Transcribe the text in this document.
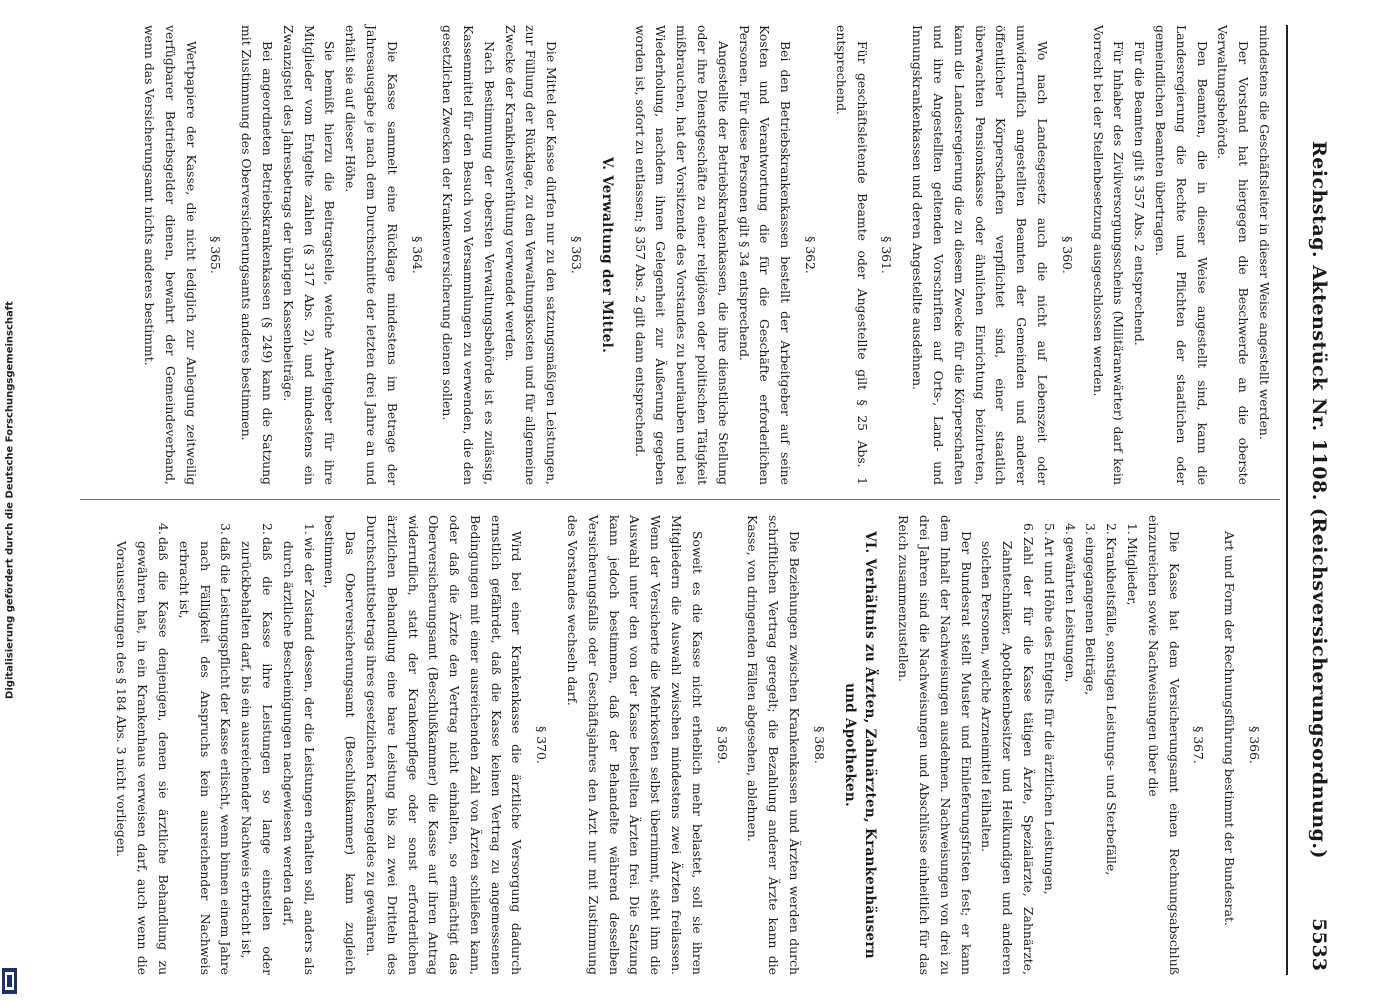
Reichstag. Aktenstück Nr. 1108. (Reichsversicherungsordnung.)
5533

mindestens die Geschäftsleiter in dieser Weise angestellt werden.

Der Vorstand hat hiergegen die Beschwerde an die oberste Verwaltungsbehörde.

Den Beamten, die in dieser Weise angestellt sind, kann die Landesregierung die Rechte und Pflichten der staatlichen oder gemeindlichen Beamten übertragen.

Für die Beamten gilt § 357 Abs. 2 entsprechend.

Für Inhaber des Zivilversorgungsscheins (Militäranwärter) darf kein Vorrecht bei der Stellenbesetzung ausgeschlossen werden.

§ 360.

Wo nach Landesgesetz auch die nicht auf Lebenszeit oder unwiderruflich angestellten Beamten der Gemeinden und anderer öffentlicher Körperschaften verpflichtet sind, einer staatlich überwachten Pensionskasse oder ähnlichen Einrichtung beizutreten, kann die Landesregierung die zu diesem Zwecke für die Körperschaften und ihre Angestellten geltenden Vorschriften auf Orts-, Land- und Innungskrankenkassen und deren Angestellte ausdehnen.

§ 361.

Für geschäftsleitende Beamte oder Angestellte gilt § 25 Abs. 1 entsprechend.

§ 362.

Bei den Betriebskrankenkassen bestellt der Arbeitgeber auf seine Kosten und Verantwortung die für die Geschäfte erforderlichen Personen. Für diese Personen gilt § 34 entsprechend.

Angestellte der Betriebskrankenkassen, die ihre dienstliche Stellung oder ihre Dienstgeschäfte zu einer religiösen oder politischen Tätigkeit mißbrauchen, hat der Vorsitzende des Vorstandes zu beurlauben und bei Wiederholung, nachdem ihnen Gelegenheit zur Äußerung gegeben worden ist, sofort zu entlassen; § 357 Abs. 2 gilt dann entsprechend.

V. Verwaltung der Mittel.
§ 363.

Die Mittel der Kasse dürfen nur zu den satzungsmäßigen Leistungen, zur Füllung der Rücklage, zu den Verwaltungskosten und für allgemeine Zwecke der Krankheitsverhütung verwendet werden.

Nach Bestimmung der obersten Verwaltungsbehörde ist es zulässig, Kassenmittel für den Besuch von Versammlungen zu verwenden, die den gesetzlichen Zwecken der Krankenversicherung dienen sollen.

§ 364.

Die Kasse sammelt eine Rücklage mindestens im Betrage der Jahresausgabe je nach dem Durchschnitte der letzten drei Jahre an und erhält sie auf dieser Höhe.

Sie bemißt hierzu die Beitragsteile, welche Arbeitgeber für ihre Mitglieder vom Entgelte zahlen (§ 317 Abs. 2), und mindestens ein Zwanzigstel des Jahresbetrags der übrigen Kassenbeiträge.

Bei angeordneten Betriebskrankenkassen (§ 249) kann die Satzung mit Zustimmung des Oberversicherungsamts anderes bestimmen.

§ 365.

Wertpapiere der Kasse, die nicht lediglich zur Anlegung zeitweilig verfügbarer Betriebsgelder dienen, bewahrt der Gemeindeverband, wenn das Versicherungsamt nichts anderes bestimmt.

§ 366.

Art und Form der Rechnungsführung bestimmt der Bundesrat.

§ 367.

Die Kasse hat dem Versicherungsamt einen Rechnungsabschluß einzureichen sowie Nachweisungen über die

1.Mitglieder,
2.Krankheitsfälle, sonstigen Leistungs- und Sterbefälle,
3.eingegangenen Beiträge,
4.gewährten Leistungen,
5.Art und Höhe des Entgelts für die ärztlichen Leistungen,
6.Zahl der für die Kasse tätigen Ärzte, Spezialärzte, Zahnärzte, Zahntechniker, Apothekenbesitzer und Heilkundigen und anderen solchen Personen, welche Arzneimittel feilhalten.

Der Bundesrat stellt Muster und Einlieferungsfristen fest; er kann dem Inhalt der Nachweisungen ausdehnen. Nachweisungen von drei zu drei Jahren sind die Nachweisungen und Abschlüsse einheitlich für das Reich zusammenzustellen.

VI. Verhältnis zu Ärzten, Zahnärzten, Krankenhäusern und Apotheken.
§ 368.

Die Beziehungen zwischen Krankenkassen und Ärzten werden durch schriftlichen Vertrag geregelt; die Bezahlung anderer Ärzte kann die Kasse, von dringenden Fällen abgesehen, ablehnen.

§ 369.

Soweit es die Kasse nicht erheblich mehr belastet, soll sie ihren Mitgliedern die Auswahl zwischen mindestens zwei Ärzten freilassen. Wenn der Versicherte die Mehrkosten selbst übernimmt, steht ihm die Auswahl unter den von der Kasse bestellten Ärzten frei. Die Satzung kann jedoch bestimmen, daß der Behandelte während desselben Versicherungsfalls oder Geschäftsjahres den Arzt nur mit Zustimmung des Vorstandes wechseln darf.

§ 370.

Wird bei einer Krankenkasse die ärztliche Versorgung dadurch ernstlich gefährdet, daß die Kasse keinen Vertrag zu angemessenen Bedingungen mit einer ausreichenden Zahl von Ärzten schließen kann, oder daß die Ärzte den Vertrag nicht einhalten, so ermächtigt das Oberversicherungsamt (Beschlußkammer) die Kasse auf ihren Antrag widerruflich, statt der Krankenpflege oder sonst erforderlichen ärztlichen Behandlung eine bare Leistung bis zu zwei Dritteln des Durchschnittsbetrags ihres gesetzlichen Krankengeldes zu gewähren.

Das Oberversicherungsamt (Beschlußkammer) kann zugleich bestimmen,

1.wie der Zustand dessen, der die Leistungen erhalten soll, anders als durch ärztliche Bescheinigungen nachgewiesen werden darf,
2.daß die Kasse ihre Leistungen so lange einstellen oder zurückbehalten darf, bis ein ausreichender Nachweis erbracht ist,
3.daß die Leistungspflicht der Kasse erlischt, wenn binnen einem Jahre nach Fälligkeit des Anspruchs kein ausreichender Nachweis erbracht ist,
4.daß die Kasse denjenigen, denen sie ärztliche Behandlung zu gewähren hat, in ein Krankenhaus verweisen darf, auch wenn die Voraussetzungen des § 184 Abs. 3 nicht vorliegen.
Digitalisierung gefördert durch die Deutsche Forschungsgemeinschaft
